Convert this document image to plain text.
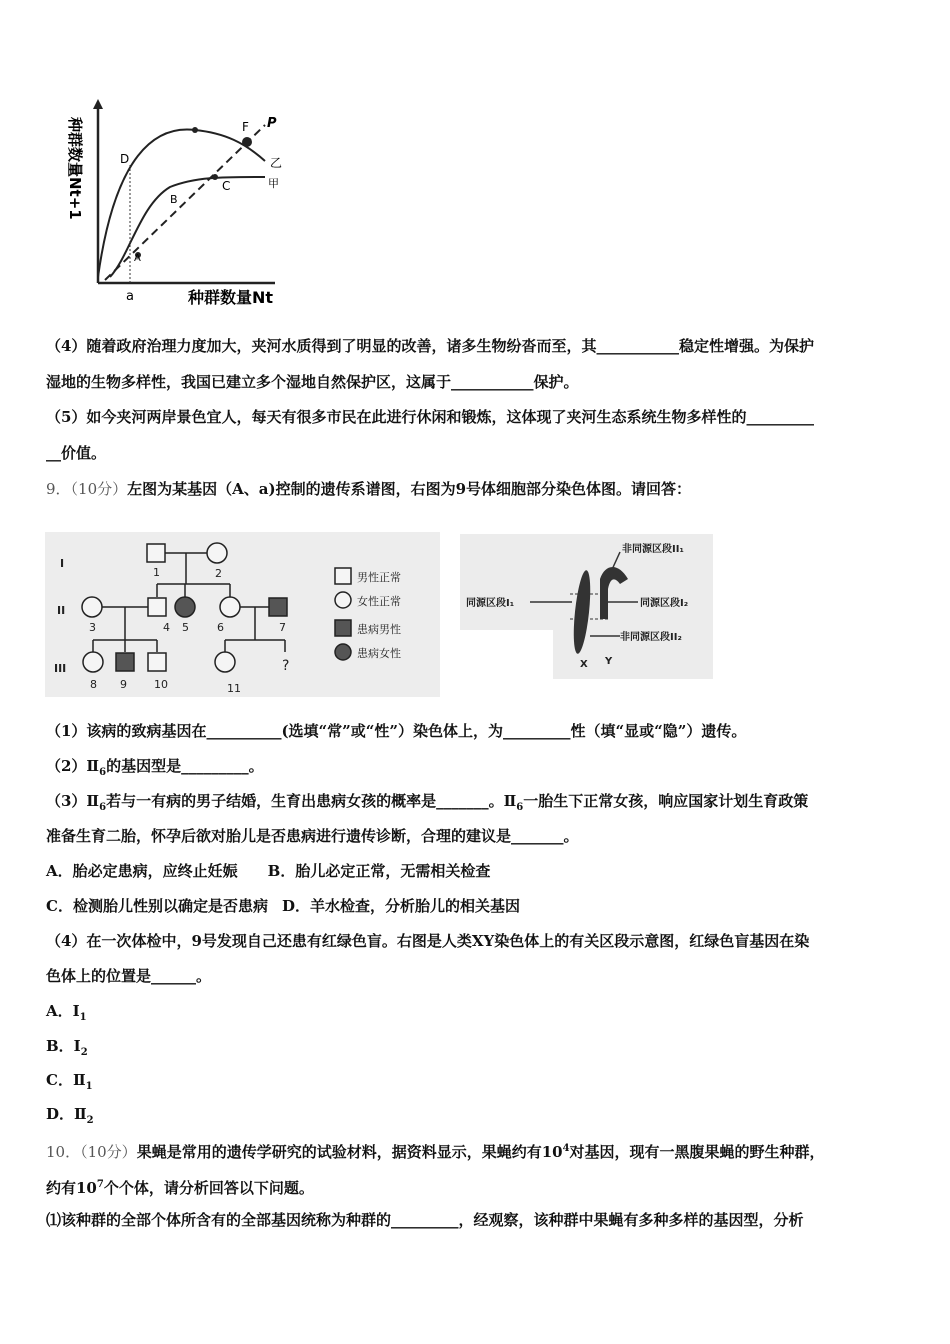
D
F P
C
B
A
乙
甲
a	种群数量Nt
种群数量Nt+1
（4）随着政府治理力度加大，夹河水质得到了明显的改善，诸多生物纷沓而至，其___________稳定性增强。为保护
湿地的生物多样性，我国已建立多个湿地自然保护区，这属于___________保护。
（5）如今夹河两岸景色宜人，每天有很多市民在此进行休闲和锻炼，这体现了夹河生态系统生物多样性的_________
__价值。
9．（10分）左图为某基因（A、a)控制的遗传系谱图，右图为9号体细胞部分染色体图。请回答：
I
II
III
1	2
3	4 5	6	7
8 9 10	11
?
男性正常
女性正常
患病男性
患病女性
非同源区段II₁
同源区段I₁	同源区段I₂
非同源区段II₂
X Y
（1）该病的致病基因在__________(选填“常”或“性”）染色体上，为_________性（填“显或“隐”）遗传。
$(2)Ⅱ_6$的基因型是_________。
$(3)Ⅱ_6$若与一有病的男子结婚，生育出患病女孩的概率是_______。$Ⅱ_6$一胎生下正常女孩，响应国家计划生育政策
准备生育二胎，怀孕后欲对胎儿是否患病进行遗传诊断，合理的建议是_______。
A．胎必定患病，应终止妊娠 B．胎儿必定正常，无需相关检查
C．检测胎儿性别以确定是否患病 D．羊水检查，分析胎儿的相关基因
（4）在一次体检中，9号发现自己还患有红绿色盲。右图是人类XY染色体上的有关区段示意图，红绿色盲基因在染
色体上的位置是______。
A．$I_1$
B．$I_2$
C．$Ⅱ_1$
D．$Ⅱ_2$
10．（10分）果蝇是常用的遗传学研究的试验材料，据资料显示，果蝇约有$10^4$对基因，现有一黑腹果蝇的野生种群，
约有$10^7$个个体，请分析回答以下问题。
⑴该种群的全部个体所含有的全部基因统称为种群的_________，经观察，该种群中果蝇有多种多样的基因型，分析
